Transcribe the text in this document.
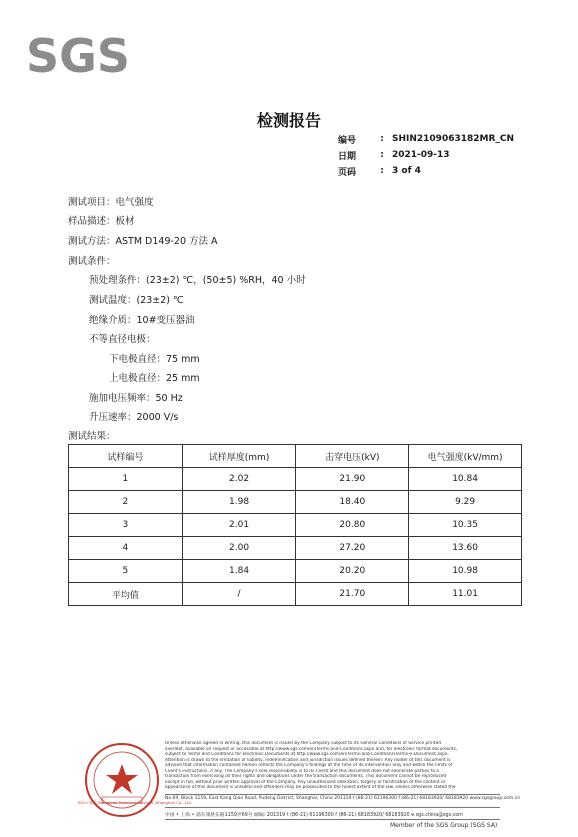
SGS
检测报告
编号	: SHIN2109063182MR_CN
日期	: 2021-09-13
页码	: 3 of 4
测试项目：电气强度
样品描述：板材
测试方法：ASTM D149-20 方法 A
测试条件：
预处理条件：(23±2) ℃，(50±5) %RH，40 小时
测试温度：(23±2) ℃
绝缘介质：10#变压器油
不等直径电极：
下电极直径：75 mm
上电极直径：25 mm
施加电压频率：50 Hz
升压速率：2000 V/s
测试结果：
试样编号	试样厚度(mm)	击穿电压(kV)	电气强度(kV/mm)
1	2.02	21.90	10.84
2	1.98	18.40	9.29
3	2.01	20.80	10.35
4	2.00	27.20	13.60
5	1.84	20.20	10.98
平均值	/	21.70	11.01
SGS-CSTC Standards Technical Services (Shanghai) Co., Ltd.
Unless otherwise agreed in writing, this document is issued by the Company subject to its General Conditions of Service printed
overleaf, available on request or accessible at http://www.sgs.com/en/Terms-and-Conditions.aspx and, for electronic format documents,
subject to Terms and Conditions for Electronic Documents at http://www.sgs.com/en/Terms-and-Conditions/Terms-e-Document.aspx.
Attention is drawn to the limitation of liability, indemnification and jurisdiction issues defined therein. Any holder of this document is
advised that information contained hereon reflects the Company's findings at the time of its intervention only and within the limits of
Client's instructions, if any. The Company's sole responsibility is to its Client and this document does not exonerate parties to a
transaction from exercising all their rights and obligations under the transaction documents. This document cannot be reproduced
except in full, without prior written approval of the Company. Any unauthorized alteration, forgery or falsification of the content or
appearance of this document is unlawful and offenders may be prosecuted to the fullest extent of the law. Unless otherwise stated the
No.69, Block 1159, East Kang Qiao Road, Pudong District, Shanghai, China 201319 t (86-21) 61196300 f (86-21) 68183920/ 68183920 www.sgsgroup.com.cn
中国 • 上海 • 浦东康桥东路1159弄69号 邮编: 201319 t (86-21) 61196300 f (86-21) 68183920/ 68183920 e sgs.china@sgs.com
Member of the SGS Group (SGS SA)
